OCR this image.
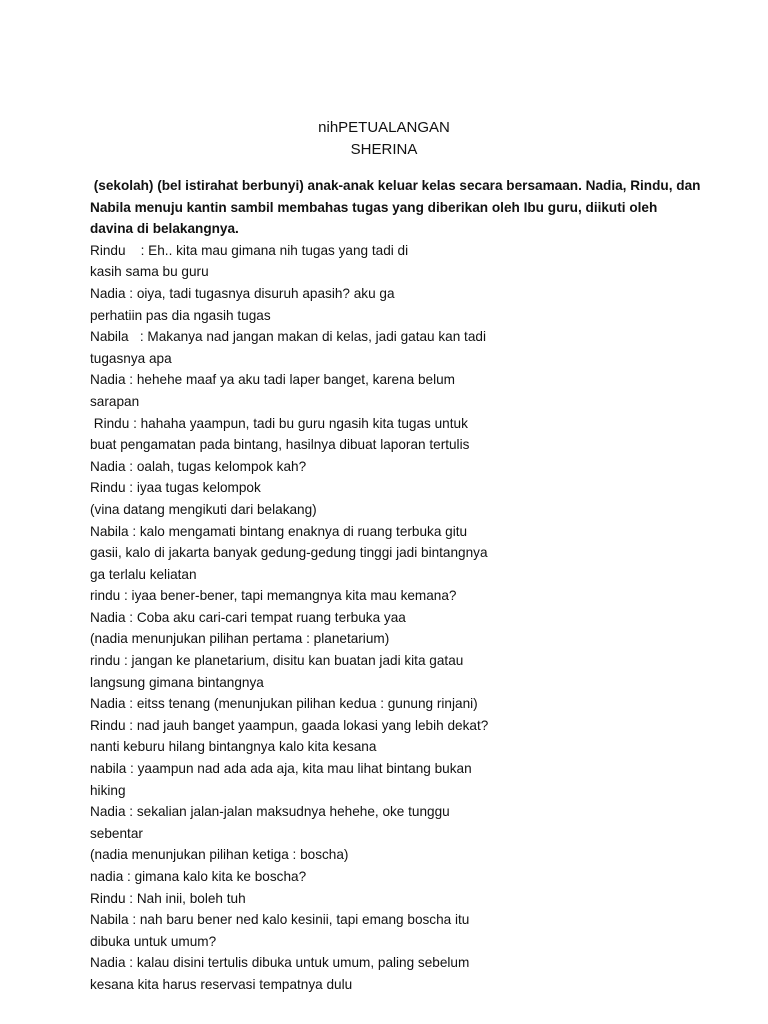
nihPETUALANGAN
SHERINA
(sekolah) (bel istirahat berbunyi) anak-anak keluar kelas secara bersamaan. Nadia, Rindu, dan
Nabila menuju kantin sambil membahas tugas yang diberikan oleh Ibu guru, diikuti oleh
davina di belakangnya.
Rindu    : Eh.. kita mau gimana nih tugas yang tadi di
kasih sama bu guru
Nadia : oiya, tadi tugasnya disuruh apasih? aku ga
perhatiin pas dia ngasih tugas
Nabila   : Makanya nad jangan makan di kelas, jadi gatau kan tadi
tugasnya apa
Nadia : hehehe maaf ya aku tadi laper banget, karena belum
sarapan
Rindu : hahaha yaampun, tadi bu guru ngasih kita tugas untuk
buat pengamatan pada bintang, hasilnya dibuat laporan tertulis
Nadia : oalah, tugas kelompok kah?
Rindu : iyaa tugas kelompok
(vina datang mengikuti dari belakang)
Nabila : kalo mengamati bintang enaknya di ruang terbuka gitu
gasii, kalo di jakarta banyak gedung-gedung tinggi jadi bintangnya
ga terlalu keliatan
rindu : iyaa bener-bener, tapi memangnya kita mau kemana?
Nadia : Coba aku cari-cari tempat ruang terbuka yaa
(nadia menunjukan pilihan pertama : planetarium)
rindu : jangan ke planetarium, disitu kan buatan jadi kita gatau
langsung gimana bintangnya
Nadia : eitss tenang (menunjukan pilihan kedua : gunung rinjani)
Rindu : nad jauh banget yaampun, gaada lokasi yang lebih dekat?
nanti keburu hilang bintangnya kalo kita kesana
nabila : yaampun nad ada ada aja, kita mau lihat bintang bukan
hiking
Nadia : sekalian jalan-jalan maksudnya hehehe, oke tunggu
sebentar
(nadia menunjukan pilihan ketiga : boscha)
nadia : gimana kalo kita ke boscha?
Rindu : Nah inii, boleh tuh
Nabila : nah baru bener ned kalo kesinii, tapi emang boscha itu
dibuka untuk umum?
Nadia : kalau disini tertulis dibuka untuk umum, paling sebelum
kesana kita harus reservasi tempatnya dulu
